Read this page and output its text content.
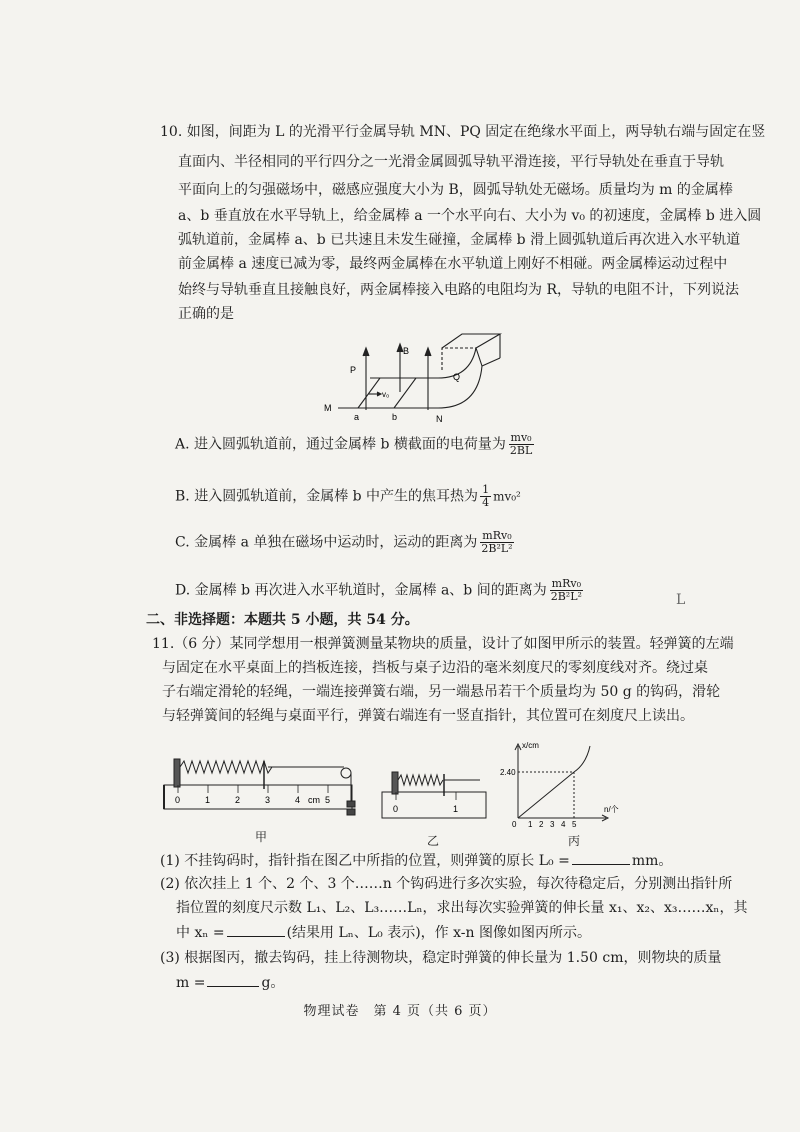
10. 如图，间距为 L 的光滑平行金属导轨 MN、PQ 固定在绝缘水平面上，两导轨右端与固定在竖
直面内、半径相同的平行四分之一光滑金属圆弧导轨平滑连接，平行导轨处在垂直于导轨
平面向上的匀强磁场中，磁感应强度大小为 B，圆弧导轨处无磁场。质量均为 m 的金属棒
a、b 垂直放在水平导轨上，给金属棒 a 一个水平向右、大小为 v₀ 的初速度，金属棒 b 进入圆
弧轨道前，金属棒 a、b 已共速且未发生碰撞，金属棒 b 滑上圆弧轨道后再次进入水平轨道
前金属棒 a 速度已减为零，最终两金属棒在水平轨道上刚好不相碰。两金属棒运动过程中
始终与导轨垂直且接触良好，两金属棒接入电路的电阻均为 R，导轨的电阻不计，下列说法
正确的是
P
B
Q
M
N
a	b
v₀
A. 进入圆弧轨道前，通过金属棒 b 横截面的电荷量为 $\frac{\text{mv₀}}{2BL}$
B. 进入圆弧轨道前，金属棒 b 中产生的焦耳热为 $\frac{1}{4} mv_0^2$
C. 金属棒 a 单独在磁场中运动时，运动的距离为 $\frac{\text{mRv₀}}{\text{2B²L²}}$
D. 金属棒 b 再次进入水平轨道时，金属棒 a、b 间的距离为 $\frac{\text{mRv₀}}{\text{2B²L²}}$	L
二、非选择题：本题共 5 小题，共 54 分。
11.（6 分）某同学想用一根弹簧测量某物块的质量，设计了如图甲所示的装置。轻弹簧的左端
与固定在水平桌面上的挡板连接，挡板与桌子边沿的毫米刻度尺的零刻度线对齐。绕过桌
子右端定滑轮的轻绳，一端连接弹簧右端，另一端悬吊若干个质量均为 50 g 的钩码，滑轮
与轻弹簧间的轻绳与桌面平行，弹簧右端连有一竖直指针，其位置可在刻度尺上读出。
0	1	2	3	4 cm 5
甲
0	1
乙
x/cm
2.40
n/个
0 1 2 3 4 5
丙
(1) 不挂钩码时，指针指在图乙中所指的位置，则弹簧的原长 L₀ =	mm。
(2) 依次挂上 1 个、2 个、3 个……n 个钩码进行多次实验，每次待稳定后，分别测出指针所
指位置的刻度尺示数 L₁、L₂、L₃……Lₙ，求出每次实验弹簧的伸长量 x₁、x₂、x₃……xₙ，其
中 xₙ =	(结果用 Lₙ、L₀ 表示)，作 x-n 图像如图丙所示。
(3) 根据图丙，撤去钩码，挂上待测物块，稳定时弹簧的伸长量为 1.50 cm，则物块的质量
m =	g。
物理试卷　第 4 页（共 6 页）
